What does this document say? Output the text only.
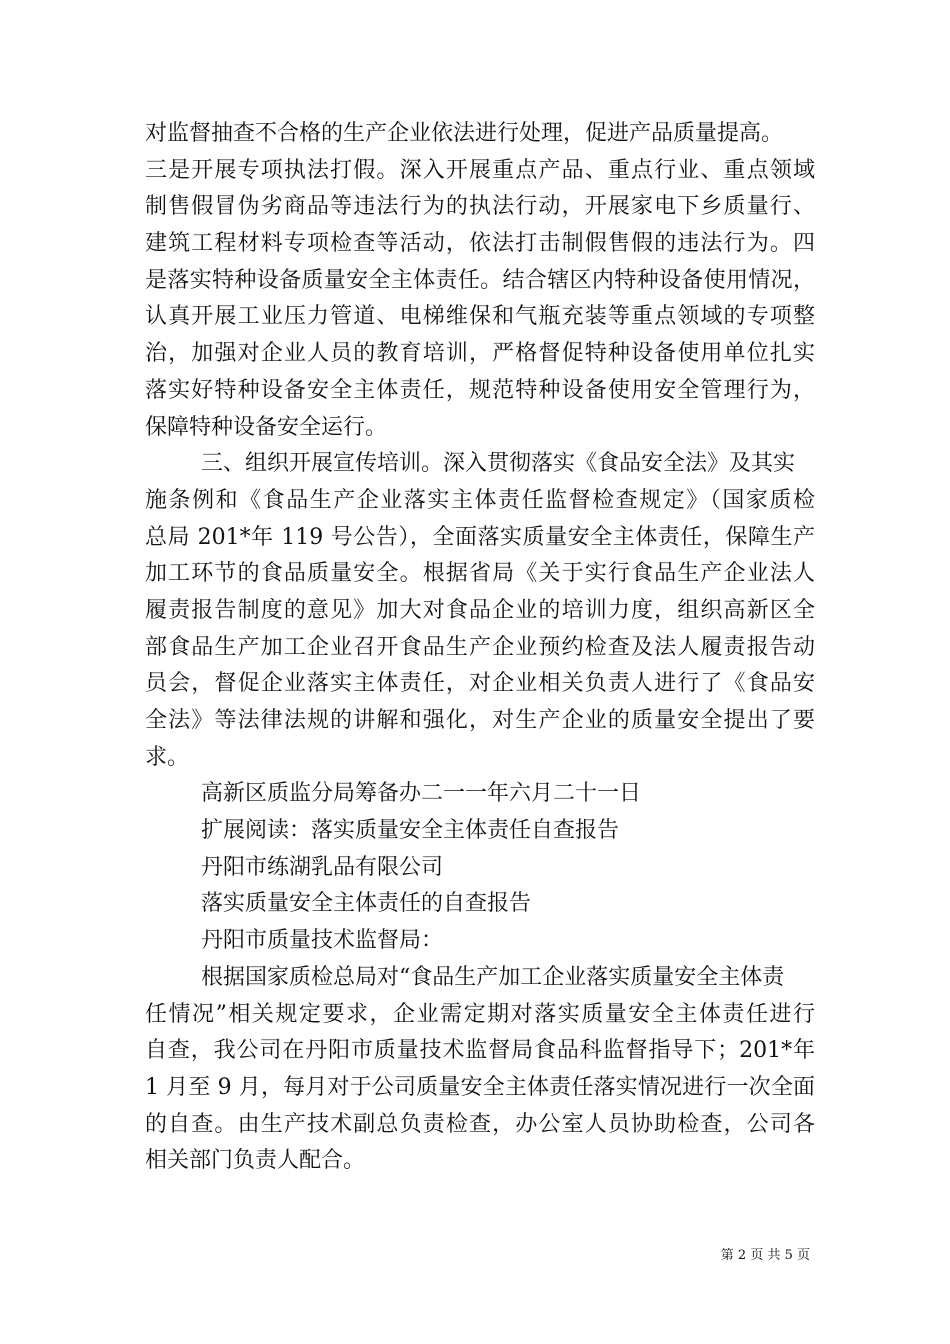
对监督抽查不合格的生产企业依法进行处理，促进产品质量提高。
三是开展专项执法打假。深入开展重点产品、重点行业、重点领域
制售假冒伪劣商品等违法行为的执法行动，开展家电下乡质量行、
建筑工程材料专项检查等活动，依法打击制假售假的违法行为。四
是落实特种设备质量安全主体责任。结合辖区内特种设备使用情况，
认真开展工业压力管道、电梯维保和气瓶充装等重点领域的专项整
治，加强对企业人员的教育培训，严格督促特种设备使用单位扎实
落实好特种设备安全主体责任，规范特种设备使用安全管理行为，
保障特种设备安全运行。
三、组织开展宣传培训。深入贯彻落实《食品安全法》及其实
施条例和《食品生产企业落实主体责任监督检查规定》（国家质检
总局 201*年 119 号公告），全面落实质量安全主体责任，保障生产
加工环节的食品质量安全。根据省局《关于实行食品生产企业法人
履责报告制度的意见》加大对食品企业的培训力度，组织高新区全
部食品生产加工企业召开食品生产企业预约检查及法人履责报告动
员会，督促企业落实主体责任，对企业相关负责人进行了《食品安
全法》等法律法规的讲解和强化，对生产企业的质量安全提出了要
求。
高新区质监分局筹备办二一一年六月二十一日
扩展阅读：落实质量安全主体责任自查报告
丹阳市练湖乳品有限公司
落实质量安全主体责任的自查报告
丹阳市质量技术监督局：
根据国家质检总局对“食品生产加工企业落实质量安全主体责
任情况”相关规定要求，企业需定期对落实质量安全主体责任进行
自查，我公司在丹阳市质量技术监督局食品科监督指导下；201*年
1 月至 9 月，每月对于公司质量安全主体责任落实情况进行一次全面
的自查。由生产技术副总负责检查，办公室人员协助检查，公司各
相关部门负责人配合。
第 2 页 共 5 页
